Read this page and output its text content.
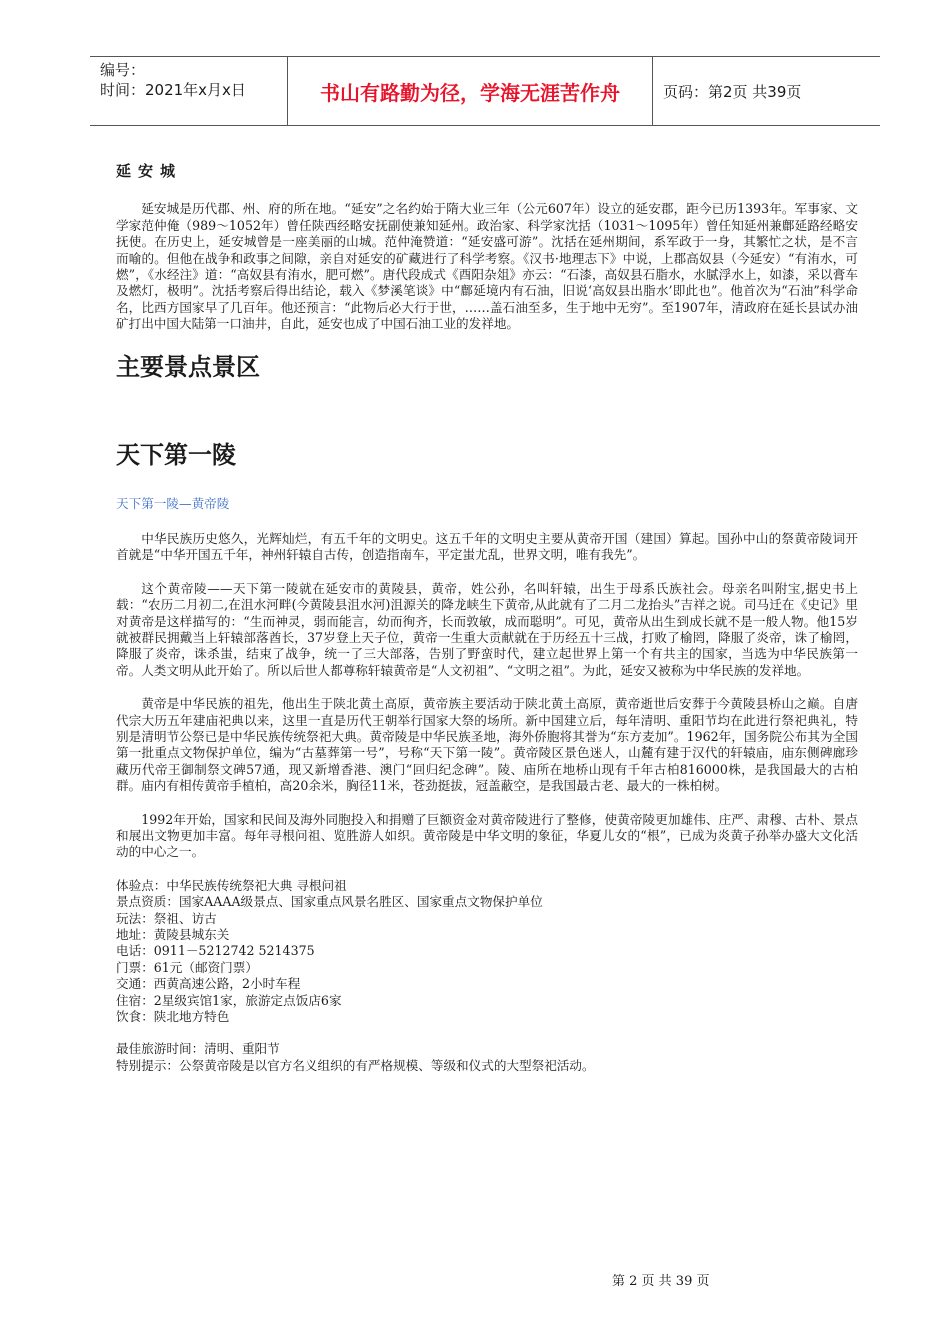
编号：
时间：2021年x月x日	书山有路勤为径，学海无涯苦作舟	页码：第2页 共39页
延安城

延安城是历代郡、州、府的所在地。“延安”之名约始于隋大业三年（公元607年）设立的延安郡，距今已历1393年。军事家、文学家范仲俺（989～1052年）曾任陕西经略安抚副使兼知延州。政治家、科学家沈括（1031～1095年）曾任知延州兼鄜延路经略安抚使。在历史上，延安城曾是一座美丽的山城。范仲淹赞道：“延安盛可游”。沈括在延州期间，系军政于一身，其繁忙之状，是不言而喻的。但他在战争和政事之间隙，亲自对延安的矿藏进行了科学考察。《汉书·地理志下》中说，上郡高奴县（今延安）“有洧水，可燃”，《水经注》道：“高奴县有洧水，肥可燃”。唐代段成式《酉阳杂俎》亦云：“石漆，高奴县石脂水，水腻浮水上，如漆，采以膏车及燃灯，极明”。沈括考察后得出结论，载入《梦溪笔谈》中“鄜延境内有石油，旧说‘高奴县出脂水’即此也”。他首次为“石油”科学命名，比西方国家早了几百年。他还预言：“此物后必大行于世，……盖石油至多，生于地中无穷”。至1907年，清政府在延长县试办油矿打出中国大陆第一口油井，自此，延安也成了中国石油工业的发祥地。

主要景点景区
天下第一陵
天下第一陵—黄帝陵

中华民族历史悠久，光辉灿烂，有五千年的文明史。这五千年的文明史主要从黄帝开国（建国）算起。国孙中山的祭黄帝陵词开首就是“中华开国五千年，神州轩辕自古传，创造指南车，平定蚩尤乱，世界文明，唯有我先”。

这个黄帝陵——天下第一陵就在延安市的黄陵县，黄帝，姓公孙，名叫轩辕，出生于母系氏族社会。母亲名叫附宝,据史书上载：“农历二月初二,在沮水河畔(今黄陵县沮水河)沮源关的降龙峡生下黄帝,从此就有了二月二龙抬头”吉祥之说。司马迁在《史记》里对黄帝是这样描写的：“生而神灵，弱而能言，幼而徇齐，长而敦敏，成而聪明”。可见，黄帝从出生到成长就不是一般人物。他15岁就被群民拥戴当上轩辕部落酋长，37岁登上天子位，黄帝一生重大贡献就在于历经五十三战，打败了榆罔，降服了炎帝，诛了榆罔，降服了炎帝，诛杀蚩，结束了战争，统一了三大部落，告别了野蛮时代，建立起世界上第一个有共主的国家，当选为中华民族第一帝。人类文明从此开始了。所以后世人都尊称轩辕黄帝是“人文初祖”、“文明之祖”。为此，延安又被称为中华民族的发祥地。

黄帝是中华民族的祖先，他出生于陕北黄土高原，黄帝族主要活动于陕北黄土高原，黄帝逝世后安葬于今黄陵县桥山之巅。自唐代宗大历五年建庙祀典以来，这里一直是历代王朝举行国家大祭的场所。新中国建立后，每年清明、重阳节均在此进行祭祀典礼，特别是清明节公祭已是中华民族传统祭祀大典。黄帝陵是中华民族圣地，海外侨胞将其誉为“东方麦加”。1962年，国务院公布其为全国第一批重点文物保护单位，编为“古墓葬第一号”，号称“天下第一陵”。黄帝陵区景色迷人，山麓有建于汉代的轩辕庙，庙东侧碑廊珍藏历代帝王御制祭文碑57通，现又新增香港、澳门“回归纪念碑”。陵、庙所在地桥山现有千年古柏816000株，是我国最大的古柏群。庙内有相传黄帝手植柏，高20余米，胸径11米，苍劲挺拔，冠盖蔽空，是我国最古老、最大的一株柏树。

1992年开始，国家和民间及海外同胞投入和捐赠了巨额资金对黄帝陵进行了整修，使黄帝陵更加雄伟、庄严、肃穆、古朴、景点和展出文物更加丰富。每年寻根问祖、览胜游人如织。黄帝陵是中华文明的象征，华夏儿女的“根”，已成为炎黄子孙举办盛大文化活动的中心之一。

体验点：中华民族传统祭祀大典 寻根问祖
景点资质：国家AAAA级景点、国家重点风景名胜区、国家重点文物保护单位
玩法：祭祖、访古
地址：黄陵县城东关
电话：0911－5212742 5214375
门票：61元（邮资门票）
交通：西黄高速公路，2小时车程
住宿：2星级宾馆1家，旅游定点饭店6家
饮食：陕北地方特色
最佳旅游时间：清明、重阳节
特别提示：公祭黄帝陵是以官方名义组织的有严格规模、等级和仪式的大型祭祀活动。
第 2 页 共 39 页
